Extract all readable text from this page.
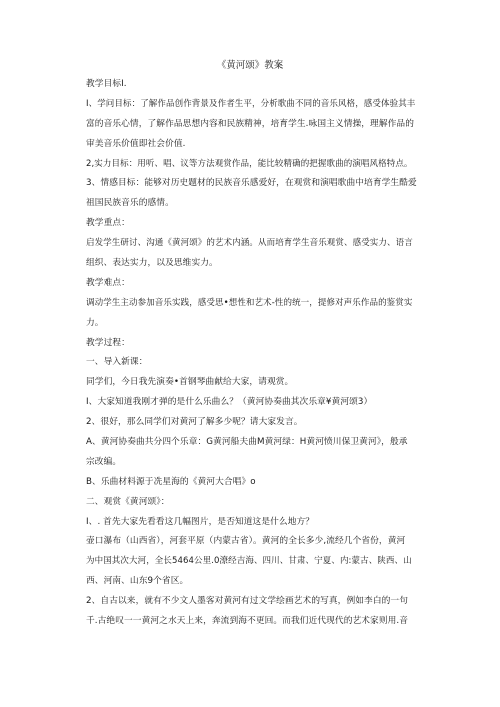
《黄河颂》教案
教学目标I.
I、学问目标：了解作品创作背景及作者生平，分析歌曲不同的音乐风格，感受体验其丰
富的音乐心情，了解作品思想内容和民族精神，培育学生.咏国主义情操，理解作品的
审美音乐价值即社会价值.
2,实力目标：用听、唱、议等方法观赏作品，能比较精确的把握歌曲的演唱风格特点。
3、情感目标：能够对历史题材的民族音乐感爱好，在观赏和演唱歌曲中培育学生酷爱
祖国民族音乐的感情。
教学重点：
启发学生研讨、沟通《黄河颂》的艺术内涵。从而培育学生音乐观赏、感受实力、语言
组织、表达实力，以及思维实力。
教学难点：
调动学生主动参加音乐实践，感受思•想性和艺术-性的统一，提修对声乐作品的鉴赏实
力。
教学过程：
一、导入新课：
同学们，今日我先演奏•首钢琴曲献给大家，请观赏。
I、大家知道我刚才弹的是什么乐曲么？（黄河协奏曲其次乐章¥黄河颂3）
2、很好，那么同学们对黄河了解多少呢？请大家发言。
A、黄河协奏曲共分四个乐章：G黄河船夫曲M黄河绿：H黄河愤川保卫黄河》，般承
宗改编。
B、乐曲材料源于冼星海的《黄河大合唱》o
二、观赏《黄河颂》：
I、. 首先大家先看看这几幅图片，是否知道这是什么地方？
壶口瀑布（山西省），河套平原（内蒙古省）。黄河的全长多少,流经几个省份，黄河
为中国其次大河，全长5464公里.0潦经吉海、四川、甘肃、宁夏、内:蒙古、陕西、山
西、河南、山东9个省区。
2、自古以来，就有不少文人墨客对黄河有过文学绘画艺术的写真，例如李白的一句
千.古绝叹一一黄河之水天上来，奔流到海不更回。而我们近代现代的艺术家则用.音
